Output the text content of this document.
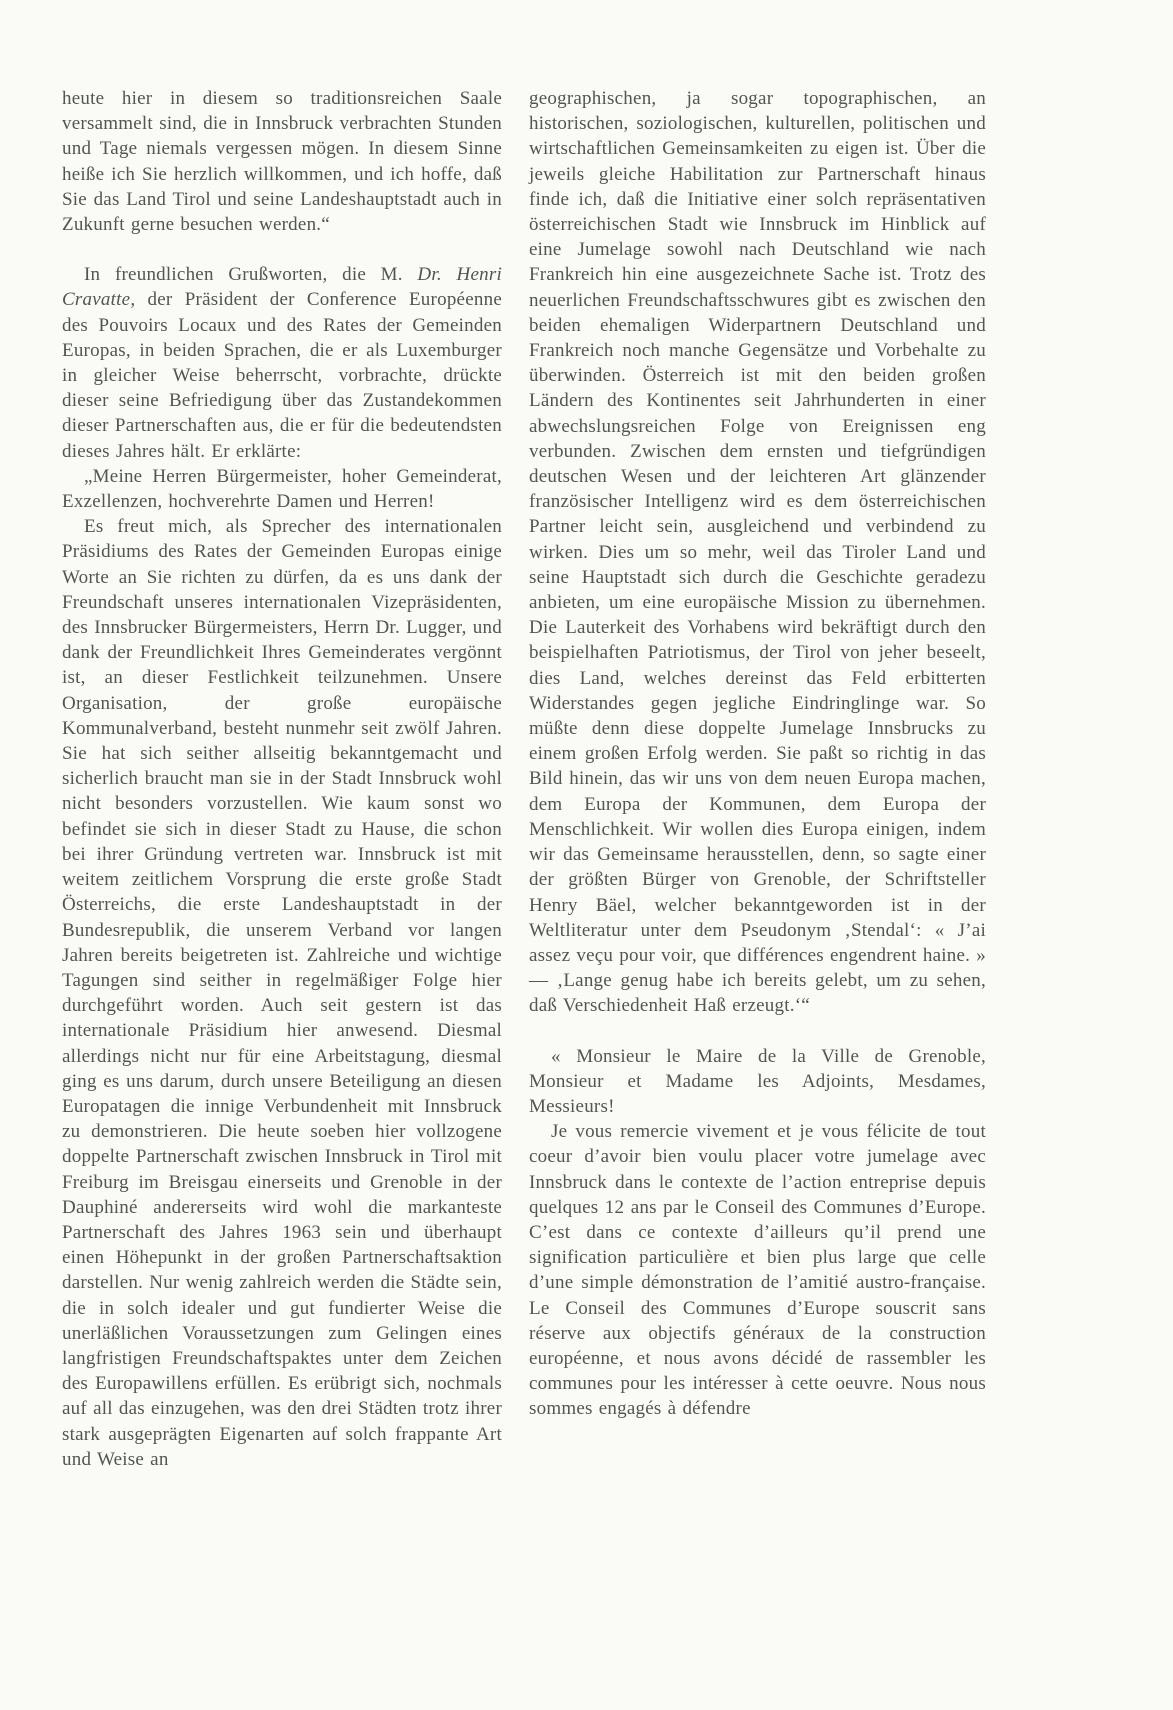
heute hier in diesem so traditionsreichen Saale versammelt sind, die in Innsbruck verbrachten Stunden und Tage niemals vergessen mögen. In diesem Sinne heiße ich Sie herzlich willkommen, und ich hoffe, daß Sie das Land Tirol und seine Landeshauptstadt auch in Zukunft gerne besuchen werden.“

In freundlichen Grußworten, die M. Dr. Henri Cravatte, der Präsident der Conference Européenne des Pouvoirs Locaux und des Rates der Gemeinden Europas, in beiden Sprachen, die er als Luxemburger in gleicher Weise beherrscht, vorbrachte, drückte dieser seine Befriedigung über das Zustandekommen dieser Partnerschaften aus, die er für die bedeutendsten dieses Jahres hält. Er erklärte:

„Meine Herren Bürgermeister, hoher Gemeinderat, Exzellenzen, hochverehrte Damen und Herren!

Es freut mich, als Sprecher des internationalen Präsidiums des Rates der Gemeinden Europas einige Worte an Sie richten zu dürfen, da es uns dank der Freundschaft unseres internationalen Vizepräsidenten, des Innsbrucker Bürgermeisters, Herrn Dr. Lugger, und dank der Freundlichkeit Ihres Gemeinderates vergönnt ist, an dieser Festlichkeit teilzunehmen. Unsere Organisation, der große europäische Kommunalverband, besteht nunmehr seit zwölf Jahren. Sie hat sich seither allseitig bekanntgemacht und sicherlich braucht man sie in der Stadt Innsbruck wohl nicht besonders vorzustellen. Wie kaum sonst wo befindet sie sich in dieser Stadt zu Hause, die schon bei ihrer Gründung vertreten war. Innsbruck ist mit weitem zeitlichem Vorsprung die erste große Stadt Österreichs, die erste Landeshauptstadt in der Bundesrepublik, die unserem Verband vor langen Jahren bereits beigetreten ist. Zahlreiche und wichtige Tagungen sind seither in regelmäßiger Folge hier durchgeführt worden. Auch seit gestern ist das internationale Präsidium hier anwesend. Diesmal allerdings nicht nur für eine Arbeitstagung, diesmal ging es uns darum, durch unsere Beteiligung an diesen Europatagen die innige Verbundenheit mit Innsbruck zu demonstrieren. Die heute soeben hier vollzogene doppelte Partnerschaft zwischen Innsbruck in Tirol mit Freiburg im Breisgau einerseits und Grenoble in der Dauphiné andererseits wird wohl die markanteste Partnerschaft des Jahres 1963 sein und überhaupt einen Höhepunkt in der großen Partnerschaftsaktion darstellen. Nur wenig zahlreich werden die Städte sein, die in solch idealer und gut fundierter Weise die unerläßlichen Voraussetzungen zum Gelingen eines langfristigen Freundschaftspaktes unter dem Zeichen des Europawillens erfüllen. Es erübrigt sich, nochmals auf all das einzugehen, was den drei Städten trotz ihrer stark ausgeprägten Eigenarten auf solch frappante Art und Weise an

geographischen, ja sogar topographischen, an historischen, soziologischen, kulturellen, politischen und wirtschaftlichen Gemeinsamkeiten zu eigen ist. Über die jeweils gleiche Habilitation zur Partnerschaft hinaus finde ich, daß die Initiative einer solch repräsentativen österreichischen Stadt wie Innsbruck im Hinblick auf eine Jumelage sowohl nach Deutschland wie nach Frankreich hin eine ausgezeichnete Sache ist. Trotz des neuerlichen Freundschaftsschwures gibt es zwischen den beiden ehemaligen Widerpartnern Deutschland und Frankreich noch manche Gegensätze und Vorbehalte zu überwinden. Österreich ist mit den beiden großen Ländern des Kontinentes seit Jahrhunderten in einer abwechslungsreichen Folge von Ereignissen eng verbunden. Zwischen dem ernsten und tiefgründigen deutschen Wesen und der leichteren Art glänzender französischer Intelligenz wird es dem österreichischen Partner leicht sein, ausgleichend und verbindend zu wirken. Dies um so mehr, weil das Tiroler Land und seine Hauptstadt sich durch die Geschichte geradezu anbieten, um eine europäische Mission zu übernehmen. Die Lauterkeit des Vorhabens wird bekräftigt durch den beispielhaften Patriotismus, der Tirol von jeher beseelt, dies Land, welches dereinst das Feld erbitterten Widerstandes gegen jegliche Eindringlinge war. So müßte denn diese doppelte Jumelage Innsbrucks zu einem großen Erfolg werden. Sie paßt so richtig in das Bild hinein, das wir uns von dem neuen Europa machen, dem Europa der Kommunen, dem Europa der Menschlichkeit. Wir wollen dies Europa einigen, indem wir das Gemeinsame herausstellen, denn, so sagte einer der größten Bürger von Grenoble, der Schriftsteller Henry Bäel, welcher bekanntgeworden ist in der Weltliteratur unter dem Pseudonym ‚Stendal‘: « J’ai assez veçu pour voir, que différences engendrent haine. » — ‚Lange genug habe ich bereits gelebt, um zu sehen, daß Verschiedenheit Haß erzeugt.‘“

« Monsieur le Maire de la Ville de Grenoble, Monsieur et Madame les Adjoints, Mesdames, Messieurs!

Je vous remercie vivement et je vous félicite de tout coeur d’avoir bien voulu placer votre jumelage avec Innsbruck dans le contexte de l’action entreprise depuis quelques 12 ans par le Conseil des Communes d’Europe. C’est dans ce contexte d’ailleurs qu’il prend une signification particulière et bien plus large que celle d’une simple démonstration de l’amitié austro-française. Le Conseil des Communes d’Europe souscrit sans réserve aux objectifs généraux de la construction européenne, et nous avons décidé de rassembler les communes pour les intéresser à cette oeuvre. Nous nous sommes engagés à défendre
